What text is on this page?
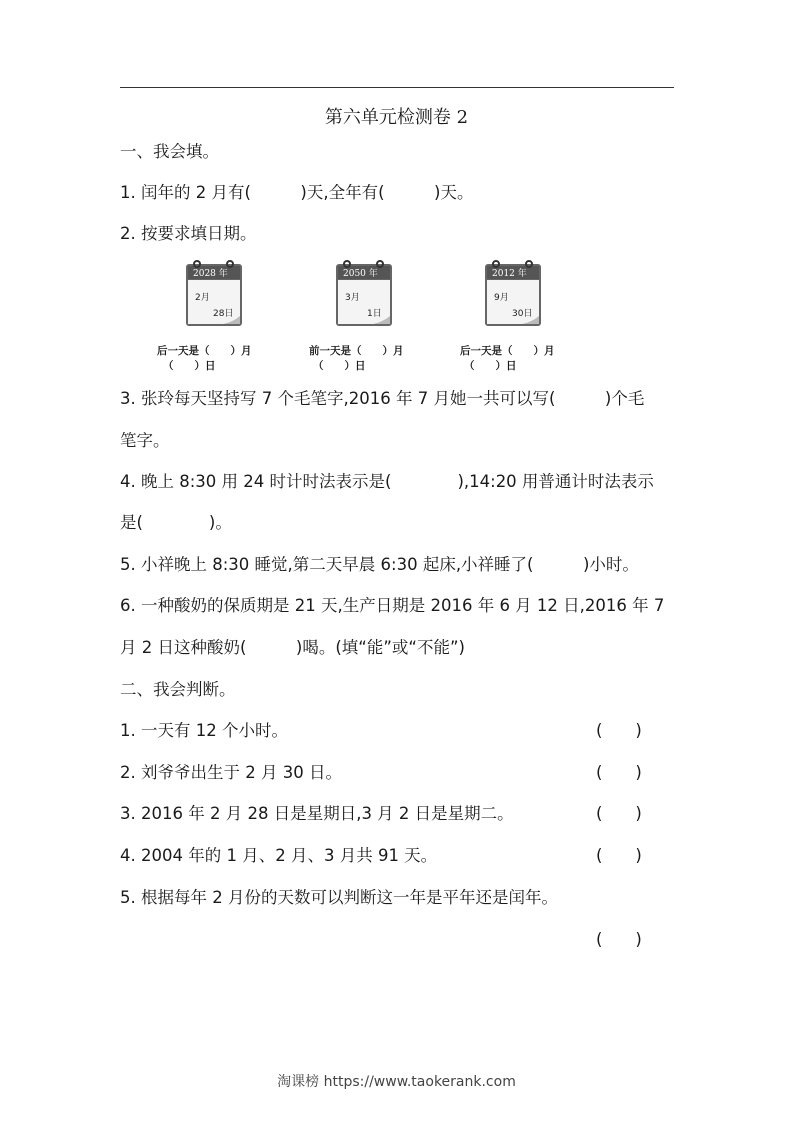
第六单元检测卷 2
一、我会填。
1. 闰年的 2 月有(　　　)天,全年有(　　　)天。
2. 按要求填日期。
2028 年
2月
28日
2050 年
3月
1日
2012 年
9月
30日
后一天是（　　）月
（　　）日
前一天是（　　）月
（　　）日
后一天是（　　）月
（　　）日
3. 张玲每天坚持写 7 个毛笔字,2016 年 7 月她一共可以写(　　　)个毛
笔字。
4. 晚上 8:30 用 24 时计时法表示是(　　　　),14:20 用普通计时法表示
是(　　　　)。
5. 小祥晚上 8:30 睡觉,第二天早晨 6:30 起床,小祥睡了(　　　)小时。
6. 一种酸奶的保质期是 21 天,生产日期是 2016 年 6 月 12 日,2016 年 7
月 2 日这种酸奶(　　　)喝。(填“能”或“不能”)
二、我会判断。
1. 一天有 12 个小时。	(　　)
2. 刘爷爷出生于 2 月 30 日。	(　　)
3. 2016 年 2 月 28 日是星期日,3 月 2 日是星期二。	(　　)
4. 2004 年的 1 月、2 月、3 月共 91 天。	(　　)
5. 根据每年 2 月份的天数可以判断这一年是平年还是闰年。
(　　)
淘课榜 https://www.taokerank.com
